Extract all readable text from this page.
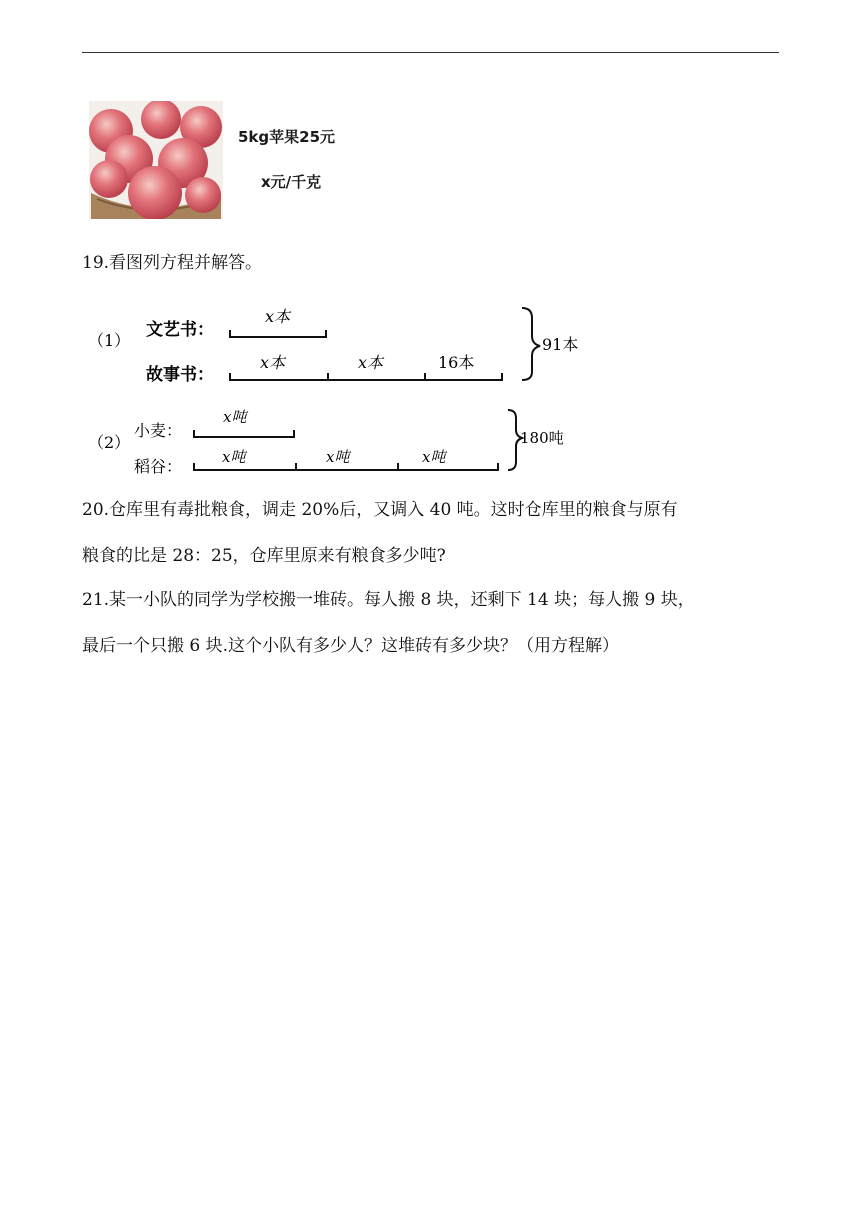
5kg苹果25元
x元/千克
19.看图列方程并解答。
（1）
文艺书：
故事书：
x本
x本	x本	16本
91本
（2）
小麦：
稻谷：
x吨
x吨	x吨	x吨
180吨
20.仓库里有毒批粮食，调走 20%后，又调入 40 吨。这时仓库里的粮食与原有
粮食的比是 28：25，仓库里原来有粮食多少吨?
21.某一小队的同学为学校搬一堆砖。每人搬 8 块，还剩下 14 块；每人搬 9 块，
最后一个只搬 6 块.这个小队有多少人？这堆砖有多少块？（用方程解）
